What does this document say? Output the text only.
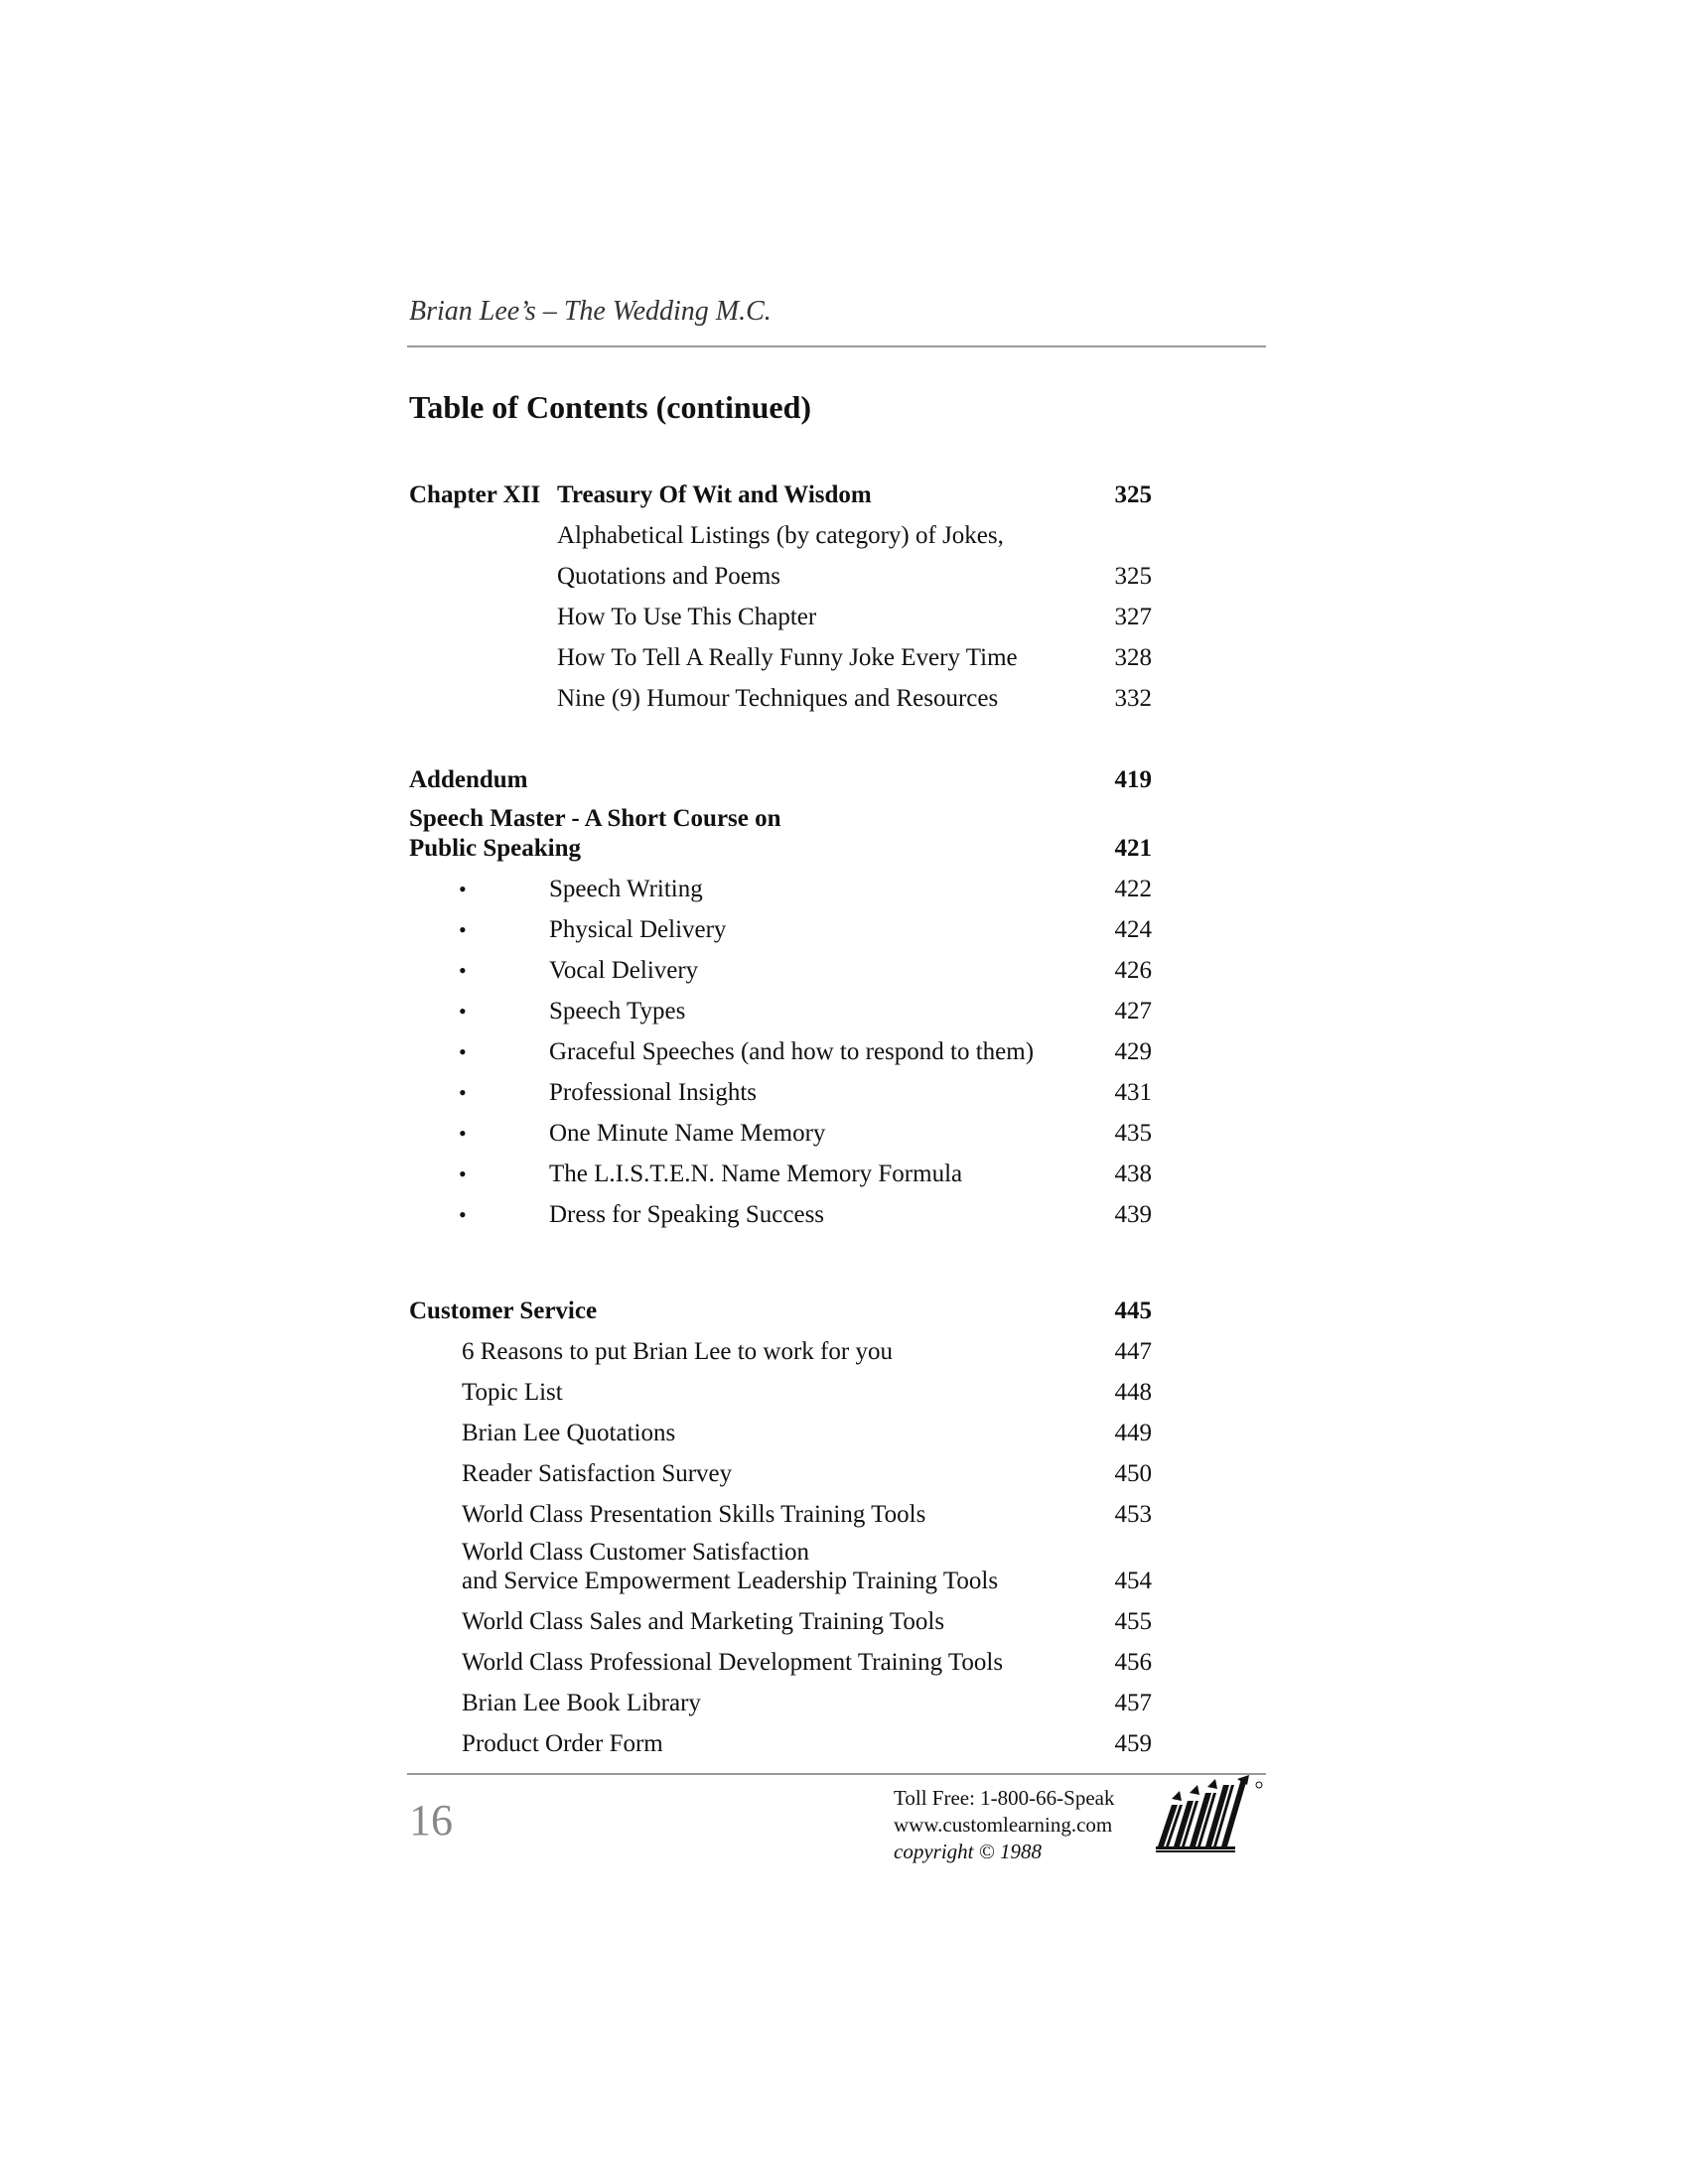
Brian Lee’s – The Wedding M.C.
Table of Contents (continued)
Chapter XII Treasury Of Wit and Wisdom	325
Alphabetical Listings (by category) of Jokes,
Quotations and Poems	325
How To Use This Chapter	327
How To Tell A Really Funny Joke Every Time	328
Nine (9) Humour Techniques and Resources	332
Addendum	419
Speech Master - A Short Course on
Public Speaking	421
•	Speech Writing	422
•	Physical Delivery	424
•	Vocal Delivery	426
•	Speech Types	427
•	Graceful Speeches (and how to respond to them)	429
•	Professional Insights	431
•	One Minute Name Memory	435
•	The L.I.S.T.E.N. Name Memory Formula	438
•	Dress for Speaking Success	439
Customer Service	445
6 Reasons to put Brian Lee to work for you	447
Topic List	448
Brian Lee Quotations	449
Reader Satisfaction Survey	450
World Class Presentation Skills Training Tools	453
World Class Customer Satisfaction
and Service Empowerment Leadership Training Tools	454
World Class Sales and Marketing Training Tools	455
World Class Professional Development Training Tools	456
Brian Lee Book Library	457
Product Order Form	459
16	Toll Free: 1-800-66-Speak
www.customlearning.com
copyright © 1988
